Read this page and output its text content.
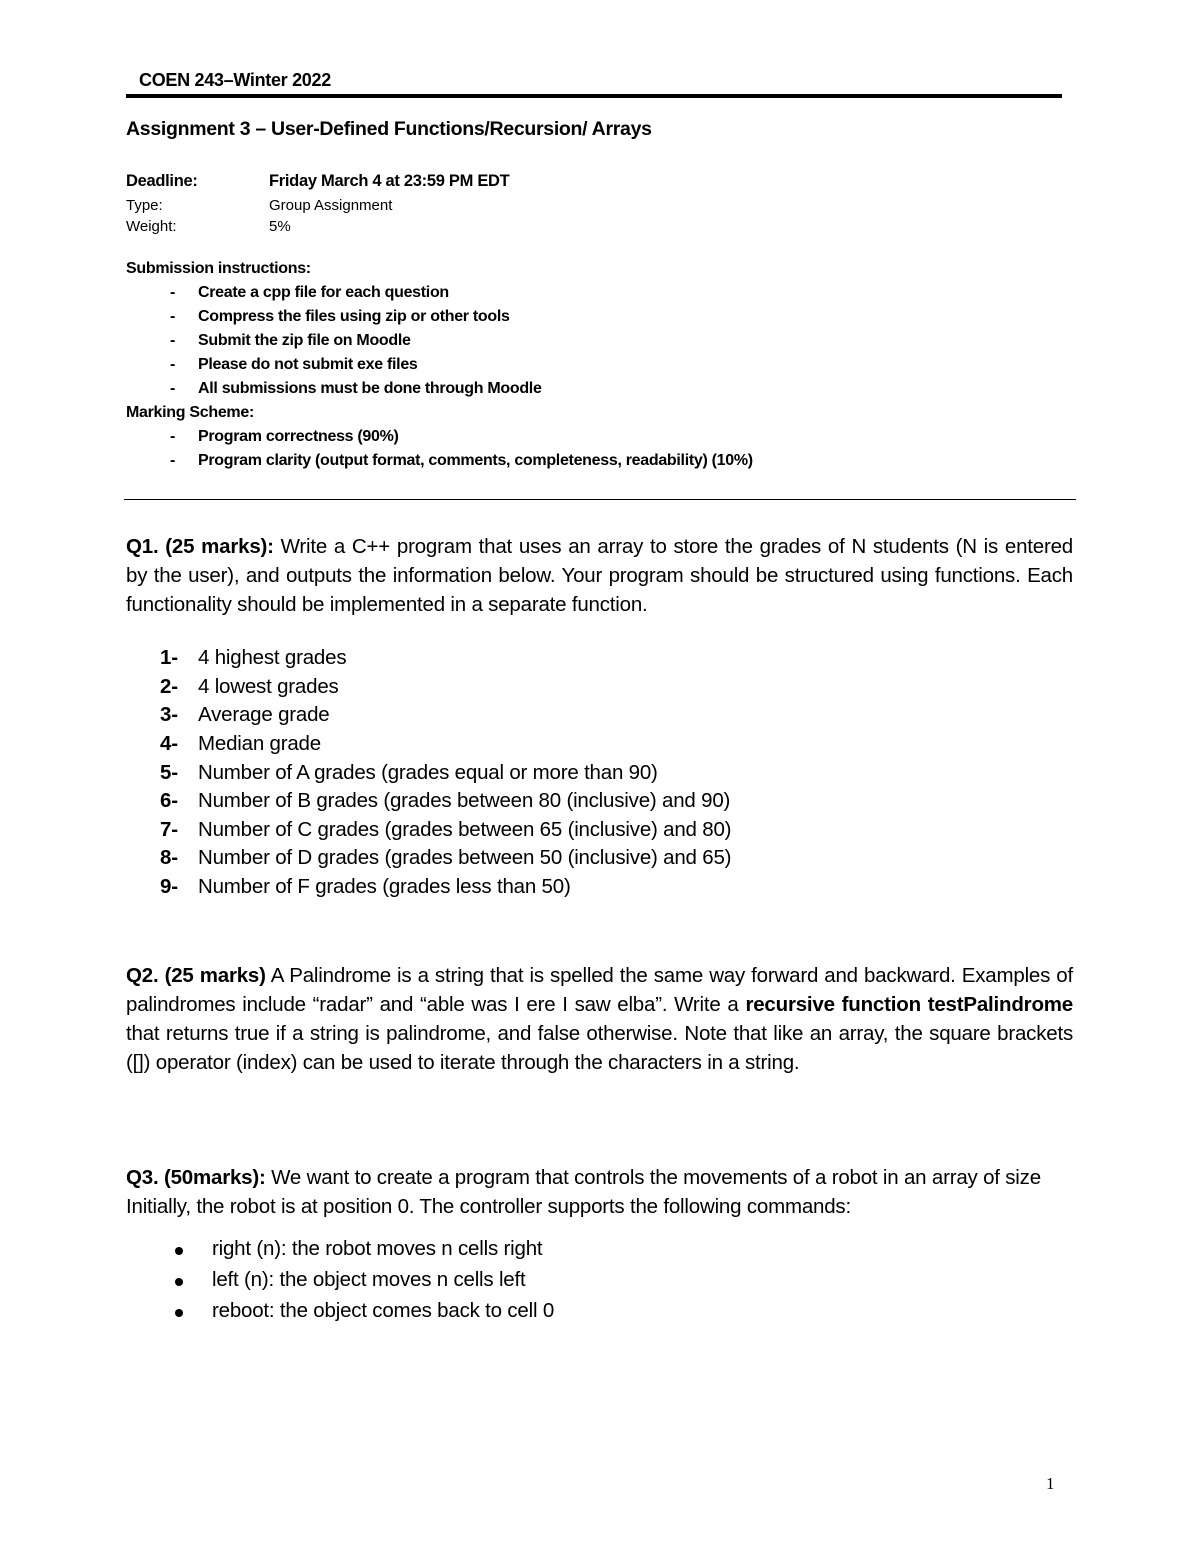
COEN 243–Winter 2022
Assignment 3 – User-Defined Functions/Recursion/ Arrays
Deadline:	Friday March 4 at 23:59 PM EDT
Type:	Group Assignment
Weight:	5%
Submission instructions:
- Create a cpp file for each question
- Compress the files using zip or other tools
- Submit the zip file on Moodle
- Please do not submit exe files
- All submissions must be done through Moodle
Marking Scheme:
- Program correctness (90%)
- Program clarity (output format, comments, completeness, readability) (10%)
Q1. (25 marks): Write a C++ program that uses an array to store the grades of N students (N is entered by the user), and outputs the information below. Your program should be structured using functions. Each functionality should be implemented in a separate function.
1- 4 highest grades
2- 4 lowest grades
3- Average grade
4- Median grade
5- Number of A grades (grades equal or more than 90)
6- Number of B grades (grades between 80 (inclusive) and 90)
7- Number of C grades (grades between 65 (inclusive) and 80)
8- Number of D grades (grades between 50 (inclusive) and 65)
9- Number of F grades (grades less than 50)
Q2. (25 marks) A Palindrome is a string that is spelled the same way forward and backward. Examples of palindromes include “radar” and “able was I ere I saw elba”. Write a recursive function testPalindrome that returns true if a string is palindrome, and false otherwise. Note that like an array, the square brackets ([]) operator (index) can be used to iterate through the characters in a string.
Q3. (50marks): We want to create a program that controls the movements of a robot in an array of size Initially, the robot is at position 0. The controller supports the following commands:
right (n): the robot moves n cells right
left (n): the object moves n cells left
reboot: the object comes back to cell 0
1
